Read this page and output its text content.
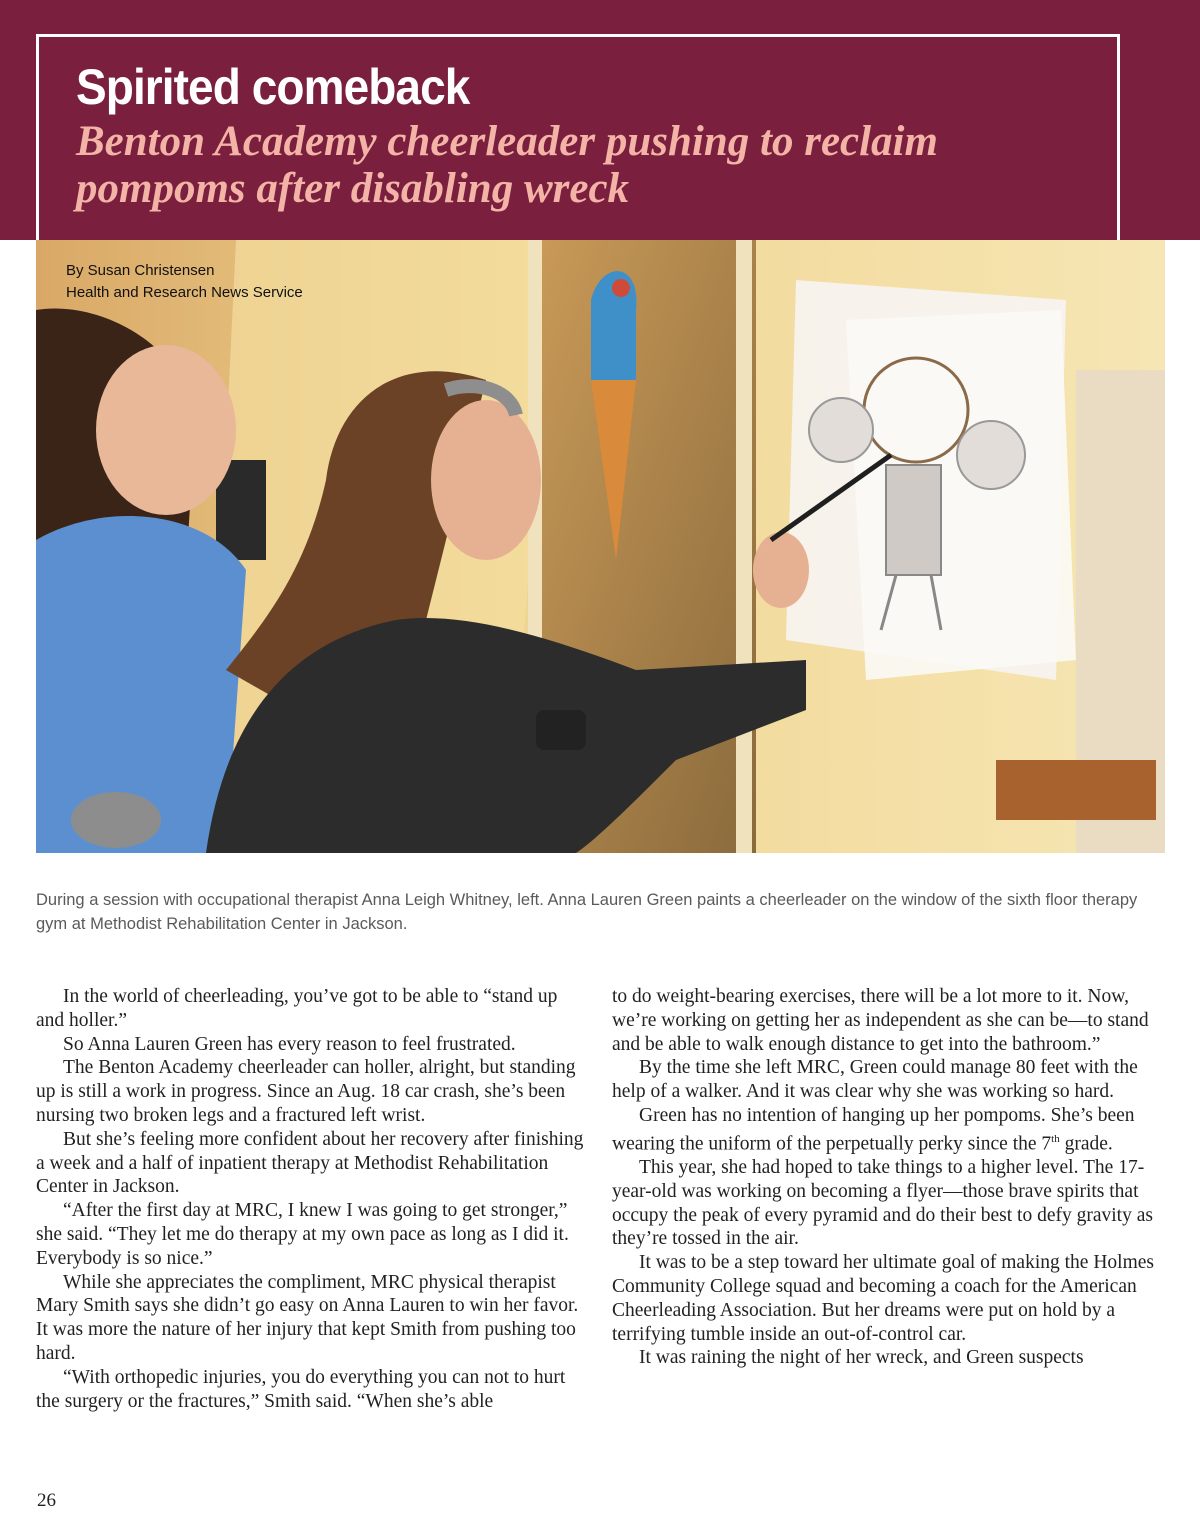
Spirited comeback
Benton Academy cheerleader pushing to reclaim pompoms after disabling wreck
By Susan Christensen
Health and Research News Service

During a session with occupational therapist Anna Leigh Whitney, left. Anna Lauren Green paints a cheerleader on the window of the sixth floor therapy gym at Methodist Rehabilitation Center in Jackson.

In the world of cheerleading, you’ve got to be able to “stand up and holler.”

So Anna Lauren Green has every reason to feel frustrated.

The Benton Academy cheerleader can holler, alright, but standing up is still a work in progress. Since an Aug. 18 car crash, she’s been nursing two broken legs and a fractured left wrist.

But she’s feeling more confident about her recovery after finishing a week and a half of inpatient therapy at Methodist Rehabilitation Center in Jackson.

“After the first day at MRC, I knew I was going to get stronger,” she said. “They let me do therapy at my own pace as long as I did it. Everybody is so nice.”

While she appreciates the compliment, MRC physical therapist Mary Smith says she didn’t go easy on Anna Lauren to win her favor. It was more the nature of her injury that kept Smith from pushing too hard.

“With orthopedic injuries, you do everything you can not to hurt the surgery or the fractures,” Smith said. “When she’s able

to do weight-bearing exercises, there will be a lot more to it. Now, we’re working on getting her as independent as she can be—to stand and be able to walk enough distance to get into the bathroom.”

By the time she left MRC, Green could manage 80 feet with the help of a walker. And it was clear why she was working so hard.

Green has no intention of hanging up her pompoms. She’s been wearing the uniform of the perpetually perky since the 7th grade.

This year, she had hoped to take things to a higher level. The 17-year-old was working on becoming a flyer—those brave spirits that occupy the peak of every pyramid and do their best to defy gravity as they’re tossed in the air.

It was to be a step toward her ultimate goal of making the Holmes Community College squad and becoming a coach for the American Cheerleading Association. But her dreams were put on hold by a terrifying tumble inside an out-of-control car.

It was raining the night of her wreck, and Green suspects

26
